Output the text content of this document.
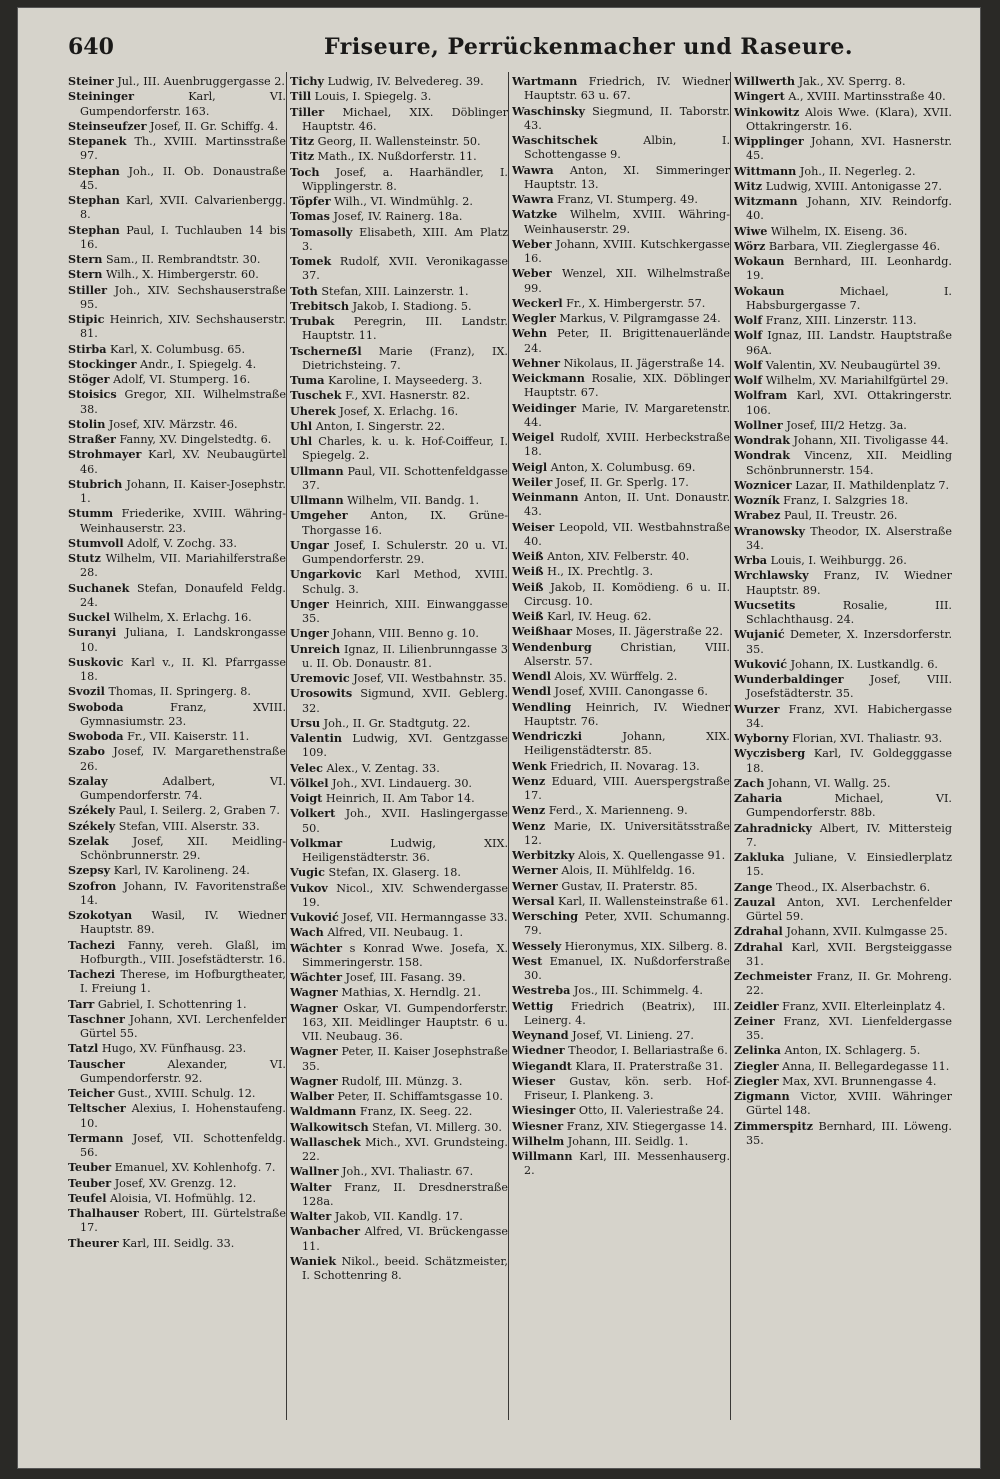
640	Friseure, Perrückenmacher und Raseure.
Steiner Jul., III. Auenbruggergasse 2.
Steininger Karl, VI. Gumpendorferstr. 163.
Steinseufzer Josef, II. Gr. Schiffg. 4.
Stepanek Th., XVIII. Martinsstraße 97.
Stephan Joh., II. Ob. Donaustraße 45.
Stephan Karl, XVII. Calvarienbergg. 8.
Stephan Paul, I. Tuchlauben 14 bis 16.
Stern Sam., II. Rembrandtstr. 30.
Stern Wilh., X. Himbergerstr. 60.
Stiller Joh., XIV. Sechshauserstraße 95.
Stipic Heinrich, XIV. Sechshauserstr. 81.
Stirba Karl, X. Columbusg. 65.
Stockinger Andr., I. Spiegelg. 4.
Stöger Adolf, VI. Stumperg. 16.
Stoisics Gregor, XII. Wilhelmstraße 38.
Stolin Josef, XIV. Märzstr. 46.
Straßer Fanny, XV. Dingelstedtg. 6.
Strohmayer Karl, XV. Neubaugürtel 46.
Stubrich Johann, II. Kaiser-Josephstr. 1.
Stumm Friederike, XVIII. Währing-Weinhauserstr. 23.
Stumvoll Adolf, V. Zochg. 33.
Stutz Wilhelm, VII. Mariahilferstraße 28.
Suchanek Stefan, Donaufeld Feldg. 24.
Suckel Wilhelm, X. Erlachg. 16.
Suranyi Juliana, I. Landskrongasse 10.
Suskovic Karl v., II. Kl. Pfarrgasse 18.
Svozil Thomas, II. Springerg. 8.
Swoboda Franz, XVIII. Gymnasiumstr. 23.
Swoboda Fr., VII. Kaiserstr. 11.
Szabo Josef, IV. Margarethenstraße 26.
Szalay Adalbert, VI. Gumpendorferstr. 74.
Székely Paul, I. Seilerg. 2, Graben 7.
Székely Stefan, VIII. Alserstr. 33.
Szelak Josef, XII. Meidling-Schönbrunnerstr. 29.
Szepsy Karl, IV. Karolineng. 24.
Szofron Johann, IV. Favoritenstraße 14.
Szokotyan Wasil, IV. Wiedner Hauptstr. 89.
Tachezi Fanny, vereh. Glaßl, im Hofburgth., VIII. Josefstädterstr. 16.
Tachezi Therese, im Hofburgtheater, I. Freiung 1.
Tarr Gabriel, I. Schottenring 1.
Taschner Johann, XVI. Lerchenfelder Gürtel 55.
Tatzl Hugo, XV. Fünfhausg. 23.
Tauscher Alexander, VI. Gumpendorferstr. 92.
Teicher Gust., XVIII. Schulg. 12.
Teltscher Alexius, I. Hohenstaufeng. 10.
Termann Josef, VII. Schottenfeldg. 56.
Teuber Emanuel, XV. Kohlenhofg. 7.
Teuber Josef, XV. Grenzg. 12.
Teufel Aloisia, VI. Hofmühlg. 12.
Thalhauser Robert, III. Gürtelstraße 17.
Theurer Karl, III. Seidlg. 33.
Tichy Ludwig, IV. Belvedereg. 39.
Till Louis, I. Spiegelg. 3.
Tiller Michael, XIX. Döblinger Hauptstr. 46.
Titz Georg, II. Wallensteinstr. 50.
Titz Math., IX. Nußdorferstr. 11.
Toch Josef, a. Haarhändler, I. Wipplingerstr. 8.
Töpfer Wilh., VI. Windmühlg. 2.
Tomas Josef, IV. Rainerg. 18a.
Tomasolly Elisabeth, XIII. Am Platz 3.
Tomek Rudolf, XVII. Veronikagasse 37.
Toth Stefan, XIII. Lainzerstr. 1.
Trebitsch Jakob, I. Stadiong. 5.
Trubak Peregrin, III. Landstr. Hauptstr. 11.
Tscherneẞl Marie (Franz), IX. Dietrichsteing. 7.
Tuma Karoline, I. Mayseederg. 3.
Tuschek F., XVI. Hasnerstr. 82.
Uherek Josef, X. Erlachg. 16.
Uhl Anton, I. Singerstr. 22.
Uhl Charles, k. u. k. Hof-Coiffeur, I. Spiegelg. 2.
Ullmann Paul, VII. Schottenfeldgasse 37.
Ullmann Wilhelm, VII. Bandg. 1.
Umgeher Anton, IX. Grüne-Thorgasse 16.
Ungar Josef, I. Schulerstr. 20 u. VI. Gumpendorferstr. 29.
Ungarkovic Karl Method, XVIII. Schulg. 3.
Unger Heinrich, XIII. Einwanggasse 35.
Unger Johann, VIII. Benno g. 10.
Unreich Ignaz, II. Lilienbrunngasse 3 u. II. Ob. Donaustr. 81.
Uremovic Josef, VII. Westbahnstr. 35.
Urosowits Sigmund, XVII. Geblerg. 32.
Ursu Joh., II. Gr. Stadtgutg. 22.
Valentin Ludwig, XVI. Gentzgasse 109.
Velec Alex., V. Zentag. 33.
Völkel Joh., XVI. Lindauerg. 30.
Voigt Heinrich, II. Am Tabor 14.
Volkert Joh., XVII. Haslingergasse 50.
Volkmar Ludwig, XIX. Heiligenstädterstr. 36.
Vugic Stefan, IX. Glaserg. 18.
Vukov Nicol., XIV. Schwendergasse 19.
Vuković Josef, VII. Hermanngasse 33.
Wach Alfred, VII. Neubaug. 1.
Wächter s Konrad Wwe. Josefa, X. Simmeringerstr. 158.
Wächter Josef, III. Fasang. 39.
Wagner Mathias, X. Herndlg. 21.
Wagner Oskar, VI. Gumpendorferstr. 163, XII. Meidlinger Hauptstr. 6 u. VII. Neubaug. 36.
Wagner Peter, II. Kaiser Josephstraße 35.
Wagner Rudolf, III. Münzg. 3.
Walber Peter, II. Schiffamtsgasse 10.
Waldmann Franz, IX. Seeg. 22.
Walkowitsch Stefan, VI. Millerg. 30.
Wallaschek Mich., XVI. Grundsteing. 22.
Wallner Joh., XVI. Thaliastr. 67.
Walter Franz, II. Dresdnerstraße 128a.
Walter Jakob, VII. Kandlg. 17.
Wanbacher Alfred, VI. Brückengasse 11.
Waniek Nikol., beeid. Schätzmeister, I. Schottenring 8.
Wartmann Friedrich, IV. Wiedner Hauptstr. 63 u. 67.
Waschinsky Siegmund, II. Taborstr. 43.
Waschitschek Albin, I. Schottengasse 9.
Wawra Anton, XI. Simmeringer Hauptstr. 13.
Wawra Franz, VI. Stumperg. 49.
Watzke Wilhelm, XVIII. Währing-Weinhauserstr. 29.
Weber Johann, XVIII. Kutschkergasse 16.
Weber Wenzel, XII. Wilhelmstraße 99.
Weckerl Fr., X. Himbergerstr. 57.
Wegler Markus, V. Pilgramgasse 24.
Wehn Peter, II. Brigittenauerlände 24.
Wehner Nikolaus, II. Jägerstraße 14.
Weickmann Rosalie, XIX. Döblinger Hauptstr. 67.
Weidinger Marie, IV. Margaretenstr. 44.
Weigel Rudolf, XVIII. Herbeckstraße 18.
Weigl Anton, X. Columbusg. 69.
Weiler Josef, II. Gr. Sperlg. 17.
Weinmann Anton, II. Unt. Donaustr. 43.
Weiser Leopold, VII. Westbahnstraße 40.
Weiß Anton, XIV. Felberstr. 40.
Weiß H., IX. Prechtlg. 3.
Weiß Jakob, II. Komödieng. 6 u. II. Circusg. 10.
Weiß Karl, IV. Heug. 62.
Weißhaar Moses, II. Jägerstraße 22.
Wendenburg Christian, VIII. Alserstr. 57.
Wendl Alois, XV. Würffelg. 2.
Wendl Josef, XVIII. Canongasse 6.
Wendling Heinrich, IV. Wiedner Hauptstr. 76.
Wendriczki Johann, XIX. Heiligenstädterstr. 85.
Wenk Friedrich, II. Novarag. 13.
Wenz Eduard, VIII. Auerspergstraße 17.
Wenz Ferd., X. Marienneng. 9.
Wenz Marie, IX. Universitätsstraße 12.
Werbitzky Alois, X. Quellengasse 91.
Werner Alois, II. Mühlfeldg. 16.
Werner Gustav, II. Praterstr. 85.
Wersal Karl, II. Wallensteinstraße 61.
Wersching Peter, XVII. Schumanng. 79.
Wessely Hieronymus, XIX. Silberg. 8.
West Emanuel, IX. Nußdorferstraße 30.
Westreba Jos., III. Schimmelg. 4.
Wettig Friedrich (Beatrix), III. Leinerg. 4.
Weynand Josef, VI. Linieng. 27.
Wiedner Theodor, I. Bellariastraße 6.
Wiegandt Klara, II. Praterstraße 31.
Wieser Gustav, kön. serb. Hof-Friseur, I. Plankeng. 3.
Wiesinger Otto, II. Valeriestraße 24.
Wiesner Franz, XIV. Stiegergasse 14.
Wilhelm Johann, III. Seidlg. 1.
Willmann Karl, III. Messenhauserg. 2.
Willwerth Jak., XV. Sperrg. 8.
Wingert A., XVIII. Martinsstraße 40.
Winkowitz Alois Wwe. (Klara), XVII. Ottakringerstr. 16.
Wipplinger Johann, XVI. Hasnerstr. 45.
Wittmann Joh., II. Negerleg. 2.
Witz Ludwig, XVIII. Antonigasse 27.
Witzmann Johann, XIV. Reindorfg. 40.
Wiwe Wilhelm, IX. Eiseng. 36.
Wörz Barbara, VII. Zieglergasse 46.
Wokaun Bernhard, III. Leonhardg. 19.
Wokaun Michael, I. Habsburgergasse 7.
Wolf Franz, XIII. Linzerstr. 113.
Wolf Ignaz, III. Landstr. Hauptstraße 96A.
Wolf Valentin, XV. Neubaugürtel 39.
Wolf Wilhelm, XV. Mariahilfgürtel 29.
Wolfram Karl, XVI. Ottakringerstr. 106.
Wollner Josef, III/2 Hetzg. 3a.
Wondrak Johann, XII. Tivoligasse 44.
Wondrak Vincenz, XII. Meidling Schönbrunnerstr. 154.
Woznicer Lazar, II. Mathildenplatz 7.
Wozník Franz, I. Salzgries 18.
Wrabez Paul, II. Treustr. 26.
Wranowsky Theodor, IX. Alserstraße 34.
Wrba Louis, I. Weihburgg. 26.
Wrchlawsky Franz, IV. Wiedner Hauptstr. 89.
Wucsetits Rosalie, III. Schlachthausg. 24.
Wujanić Demeter, X. Inzersdorferstr. 35.
Wuković Johann, IX. Lustkandlg. 6.
Wunderbaldinger Josef, VIII. Josefstädterstr. 35.
Wurzer Franz, XVI. Habichergasse 34.
Wyborny Florian, XVI. Thaliastr. 93.
Wyczisberg Karl, IV. Goldegggasse 18.
Zach Johann, VI. Wallg. 25.
Zaharia Michael, VI. Gumpendorferstr. 88b.
Zahradnicky Albert, IV. Mittersteig 7.
Zakluka Juliane, V. Einsiedlerplatz 15.
Zange Theod., IX. Alserbachstr. 6.
Zauzal Anton, XVI. Lerchenfelder Gürtel 59.
Zdrahal Johann, XVII. Kulmgasse 25.
Zdrahal Karl, XVII. Bergsteiggasse 31.
Zechmeister Franz, II. Gr. Mohreng. 22.
Zeidler Franz, XVII. Elterleinplatz 4.
Zeiner Franz, XVI. Lienfeldergasse 35.
Zelinka Anton, IX. Schlagerg. 5.
Ziegler Anna, II. Bellegardegasse 11.
Ziegler Max, XVI. Brunnengasse 4.
Zigmann Victor, XVIII. Währinger Gürtel 148.
Zimmerspitz Bernhard, III. Löweng. 35.
